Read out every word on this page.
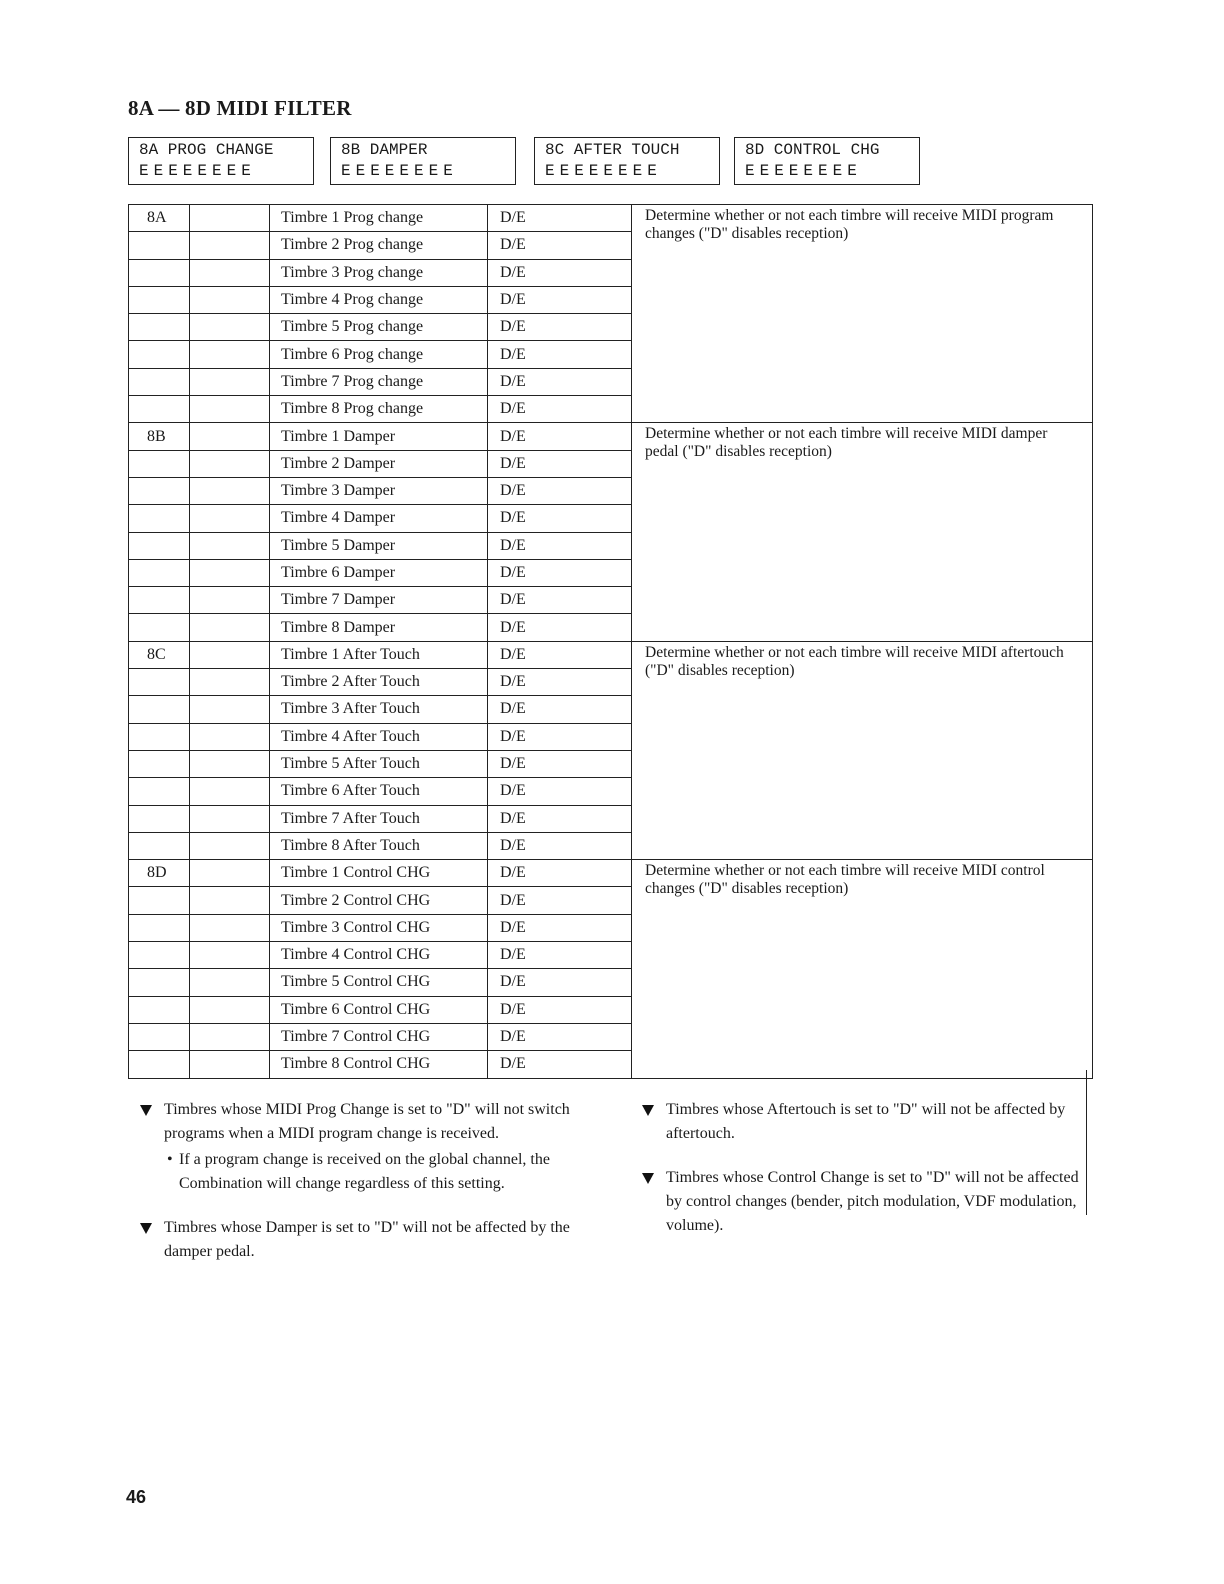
8A — 8D MIDI FILTER
8A PROG CHANGE
EEEEEEEE
8B DAMPER
EEEEEEEE
8C AFTER TOUCH
EEEEEEEE
8D CONTROL CHG
EEEEEEEE
8A		Timbre 1 Prog change	D/E	Determine whether or not each timbre will receive MIDI program changes ("D" disables reception)
		Timbre 2 Prog change	D/E	
		Timbre 3 Prog change	D/E	
		Timbre 4 Prog change	D/E	
		Timbre 5 Prog change	D/E	
		Timbre 6 Prog change	D/E	
		Timbre 7 Prog change	D/E	
		Timbre 8 Prog change	D/E	
8B		Timbre 1 Damper	D/E	Determine whether or not each timbre will receive MIDI damper pedal ("D" disables reception)
		Timbre 2 Damper	D/E	
		Timbre 3 Damper	D/E	
		Timbre 4 Damper	D/E	
		Timbre 5 Damper	D/E	
		Timbre 6 Damper	D/E	
		Timbre 7 Damper	D/E	
		Timbre 8 Damper	D/E	
8C		Timbre 1 After Touch	D/E	Determine whether or not each timbre will receive MIDI aftertouch ("D" disables reception)
		Timbre 2 After Touch	D/E	
		Timbre 3 After Touch	D/E	
		Timbre 4 After Touch	D/E	
		Timbre 5 After Touch	D/E	
		Timbre 6 After Touch	D/E	
		Timbre 7 After Touch	D/E	
		Timbre 8 After Touch	D/E	
8D		Timbre 1 Control CHG	D/E	Determine whether or not each timbre will receive MIDI control changes ("D" disables reception)
		Timbre 2 Control CHG	D/E	
		Timbre 3 Control CHG	D/E	
		Timbre 4 Control CHG	D/E	
		Timbre 5 Control CHG	D/E	
		Timbre 6 Control CHG	D/E	
		Timbre 7 Control CHG	D/E	
		Timbre 8 Control CHG	D/E	
Timbres whose MIDI Prog Change is set to "D" will not switch programs when a MIDI program change is received.
• If a program change is received on the global channel, the Combination will change regardless of this setting.
Timbres whose Damper is set to "D" will not be affected by the damper pedal.
Timbres whose Aftertouch is set to "D" will not be affected by aftertouch.
Timbres whose Control Change is set to "D" will not be affected by control changes (bender, pitch modulation, VDF modulation, volume).
46
